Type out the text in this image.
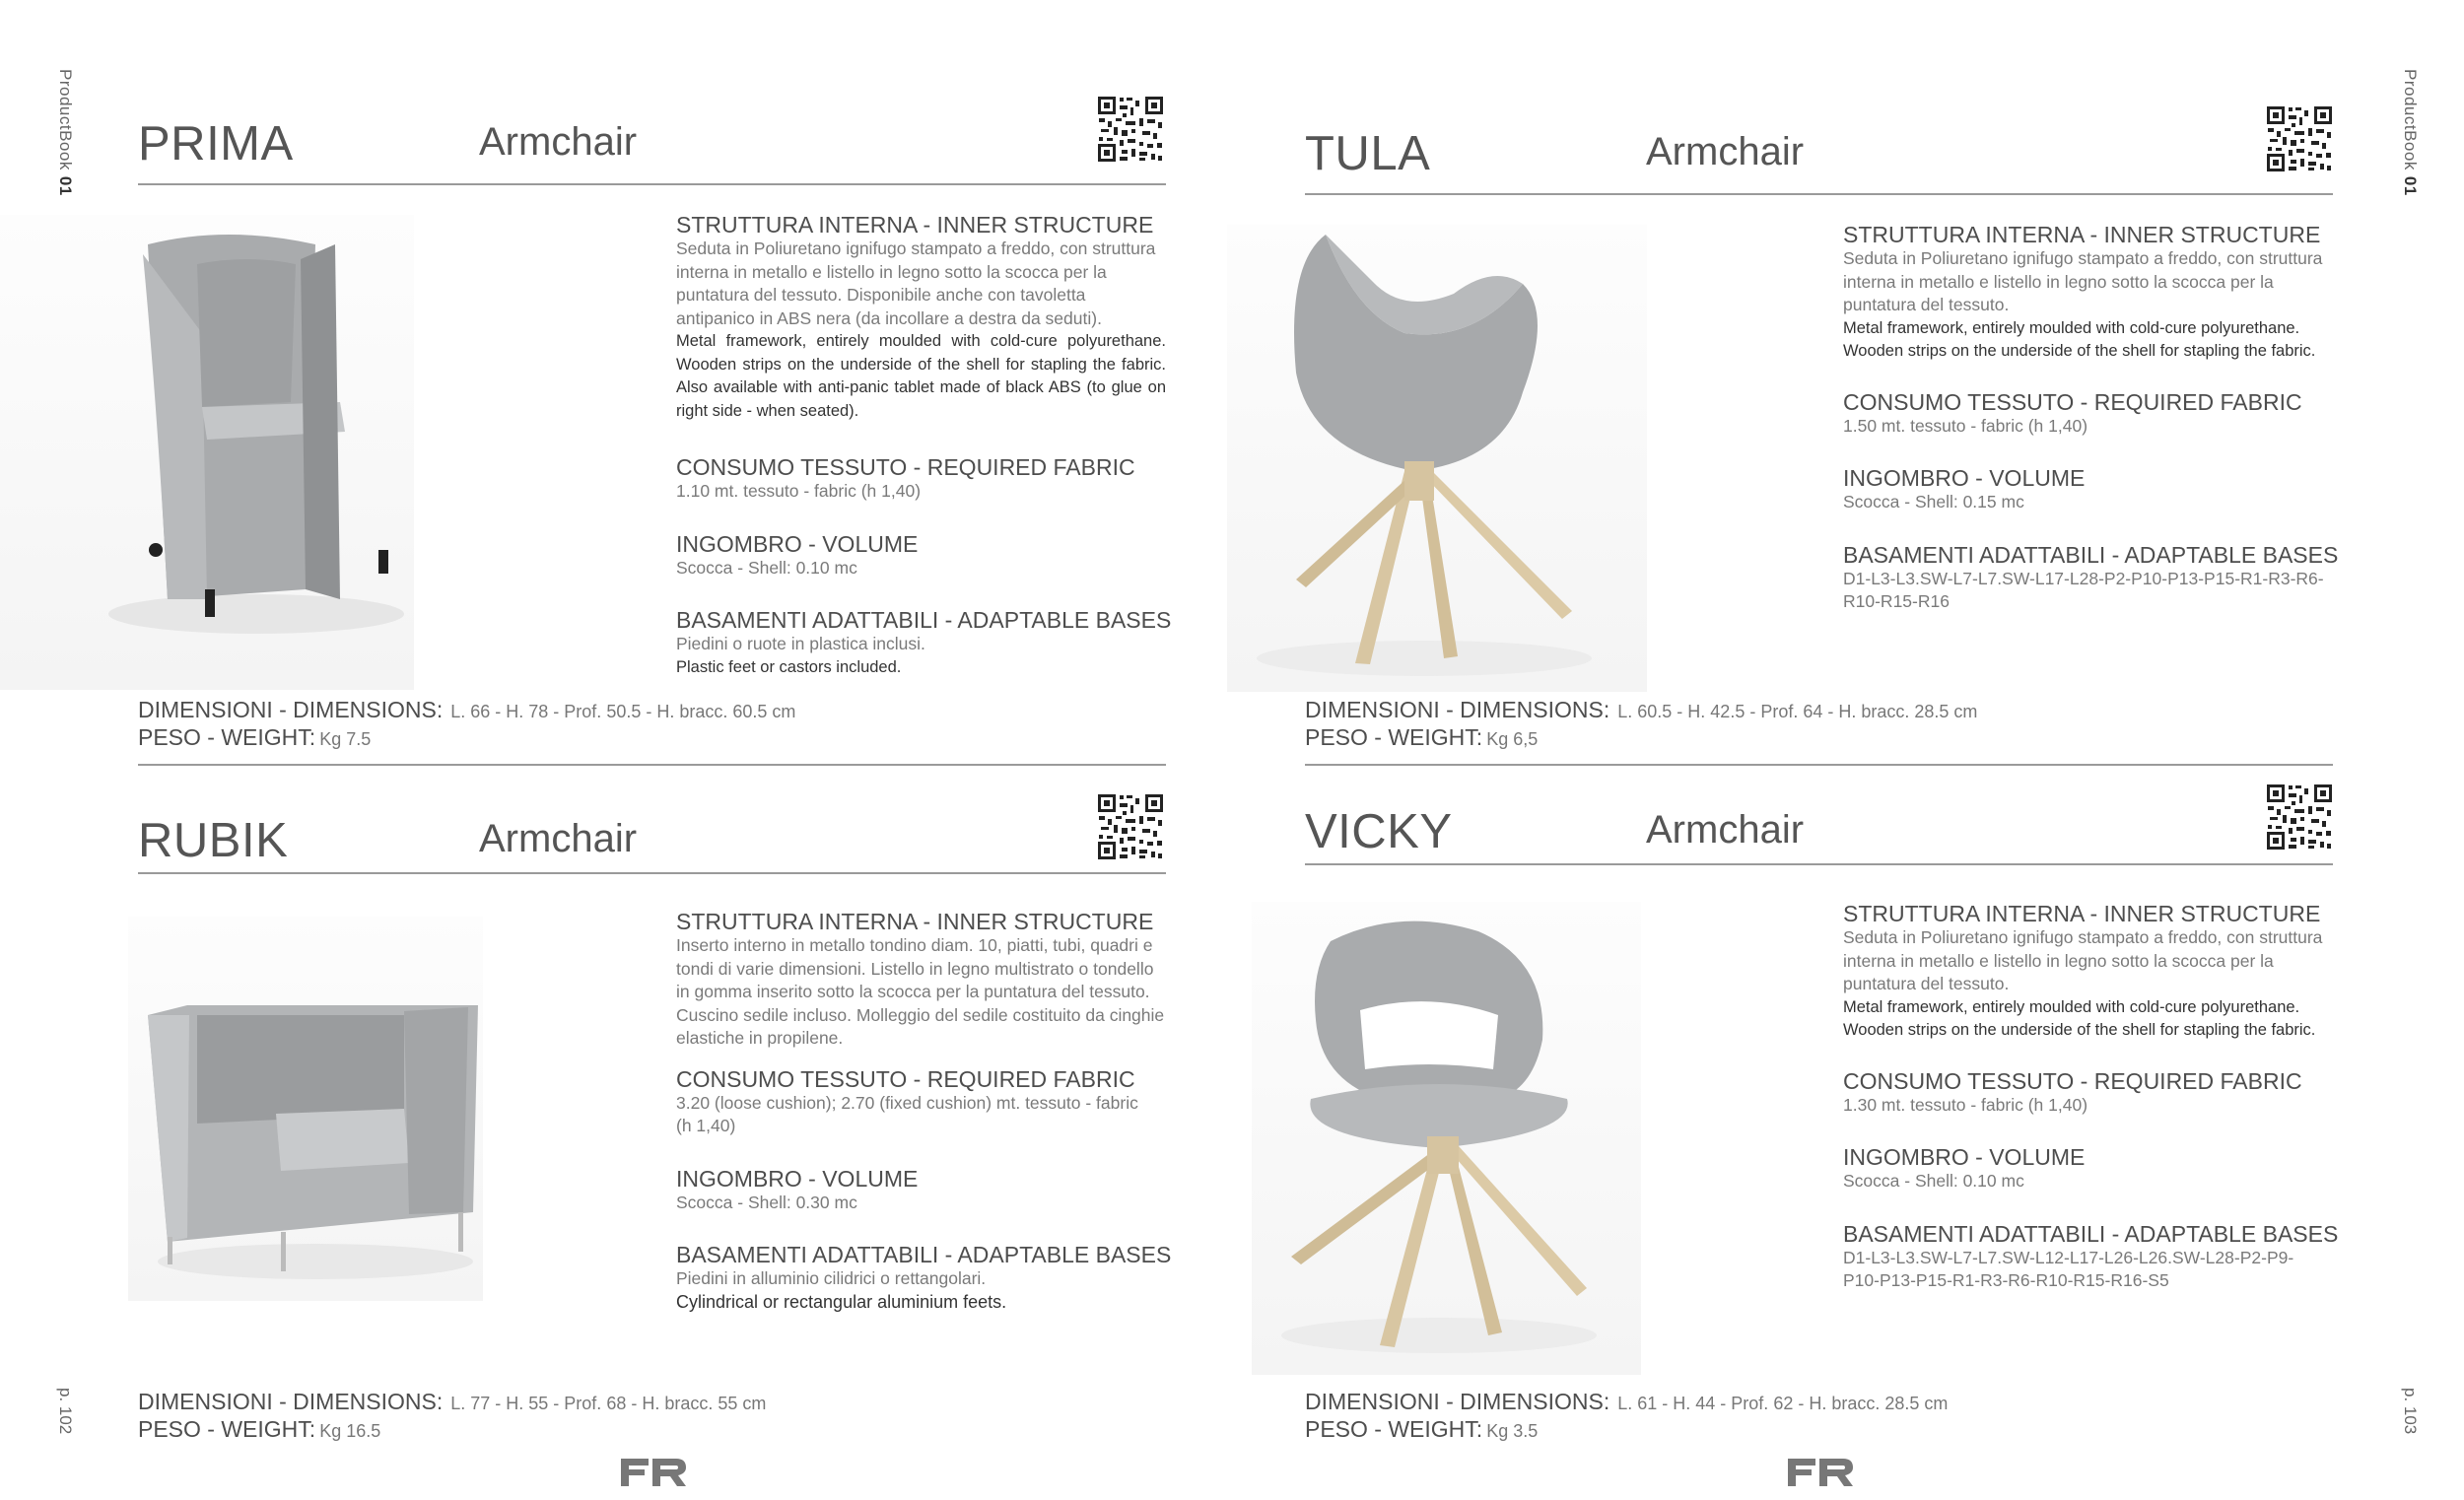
ProductBook01
ProductBook01
p. 102	p. 103
PRIMA	Armchair
STRUTTURA INTERNA - INNER STRUCTURE
Seduta in Poliuretano ignifugo stampato a freddo, con struttura interna in metallo e listello in legno sotto la scocca per la puntatura del tessuto. Disponibile anche con tavoletta antipanico in ABS nera (da incollare a destra da seduti).
Metal framework, entirely moulded with cold-cure polyurethane. Wooden strips on the underside of the shell for stapling the fabric. Also available with anti-panic tablet made of black ABS (to glue on right side - when seated).
CONSUMO TESSUTO - REQUIRED FABRIC
1.10 mt. tessuto - fabric (h 1,40)
INGOMBRO - VOLUME
Scocca - Shell: 0.10 mc
BASAMENTI ADATTABILI - ADAPTABLE BASES
Piedini o ruote in plastica inclusi.
Plastic feet or castors included.
DIMENSIONI - DIMENSIONS: L. 66 - H. 78 - Prof. 50.5 - H. bracc. 60.5 cm
PESO - WEIGHT: Kg 7.5
RUBIK	Armchair
STRUTTURA INTERNA - INNER STRUCTURE
Inserto interno in metallo tondino diam. 10, piatti, tubi, quadri e tondi di varie dimensioni. Listello in legno multistrato o tondello in gomma inserito sotto la scocca per la puntatura del tessuto. Cuscino sedile incluso. Molleggio del sedile costituito da cinghie elastiche in propilene.
CONSUMO TESSUTO - REQUIRED FABRIC
3.20 (loose cushion); 2.70 (fixed cushion) mt. tessuto - fabric (h 1,40)
INGOMBRO - VOLUME
Scocca - Shell: 0.30 mc
BASAMENTI ADATTABILI - ADAPTABLE BASES
Piedini in alluminio cilidrici o rettangolari.
Cylindrical or rectangular aluminium feets.
DIMENSIONI - DIMENSIONS: L. 77 - H. 55 - Prof. 68 - H. bracc. 55 cm
PESO - WEIGHT: Kg 16.5
TULA	Armchair
STRUTTURA INTERNA - INNER STRUCTURE
Seduta in Poliuretano ignifugo stampato a freddo, con struttura interna in metallo e listello in legno sotto la scocca per la puntatura del tessuto.
Metal framework, entirely moulded with cold-cure polyurethane. Wooden strips on the underside of the shell for stapling the fabric.
CONSUMO TESSUTO - REQUIRED FABRIC
1.50 mt. tessuto - fabric (h 1,40)
INGOMBRO - VOLUME
Scocca - Shell: 0.15 mc
BASAMENTI ADATTABILI - ADAPTABLE BASES
D1-L3-L3.SW-L7-L7.SW-L17-L28-P2-P10-P13-P15-R1-R3-R6-R10-R15-R16
DIMENSIONI - DIMENSIONS: L. 60.5 - H. 42.5 - Prof. 64 - H. bracc. 28.5 cm
PESO - WEIGHT: Kg 6,5
VICKY	Armchair
STRUTTURA INTERNA - INNER STRUCTURE
Seduta in Poliuretano ignifugo stampato a freddo, con struttura interna in metallo e listello in legno sotto la scocca per la puntatura del tessuto.
Metal framework, entirely moulded with cold-cure polyurethane. Wooden strips on the underside of the shell for stapling the fabric.
CONSUMO TESSUTO - REQUIRED FABRIC
1.30 mt. tessuto - fabric (h 1,40)
INGOMBRO - VOLUME
Scocca - Shell: 0.10 mc
BASAMENTI ADATTABILI - ADAPTABLE BASES
D1-L3-L3.SW-L7-L7.SW-L12-L17-L26-L26.SW-L28-P2-P9-P10-P13-P15-R1-R3-R6-R10-R15-R16-S5
DIMENSIONI - DIMENSIONS: L. 61 - H. 44 - Prof. 62 - H. bracc. 28.5 cm
PESO - WEIGHT: Kg 3.5
